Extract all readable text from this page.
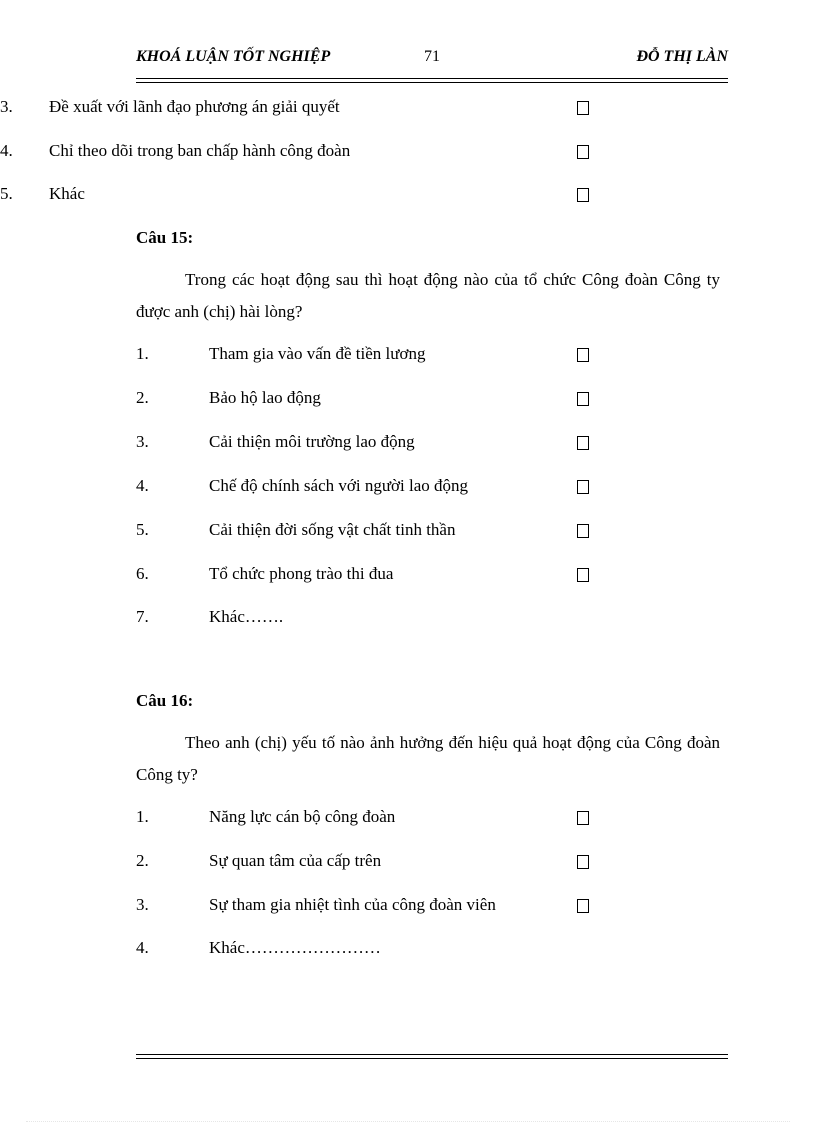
KHOÁ LUẬN TỐT NGHIỆP	71	ĐỖ THỊ LÀN
3. Đề xuất với lãnh đạo phương án giải quyết
4. Chỉ theo dõi trong ban chấp hành công đoàn
5. Khác
Câu 15:
Trong các hoạt động sau thì hoạt động nào của tổ chức Công đoàn Công ty được anh (chị) hài lòng?
1.	Tham gia vào vấn đề tiền lương
2.	Bảo hộ lao động
3.	Cải thiện môi trường lao động
4.	Chế độ chính sách với người lao động
5.	Cải thiện đời sống vật chất tinh thần
6.	Tổ chức phong trào thi đua
7.	Khác…….
Câu 16:
Theo anh (chị) yếu tố nào ảnh hưởng đến hiệu quả hoạt động của Công đoàn Công ty?
1.	Năng lực cán bộ công đoàn
2.	Sự quan tâm của cấp trên
3.	Sự tham gia nhiệt tình của công đoàn viên
4.	Khác……………………
